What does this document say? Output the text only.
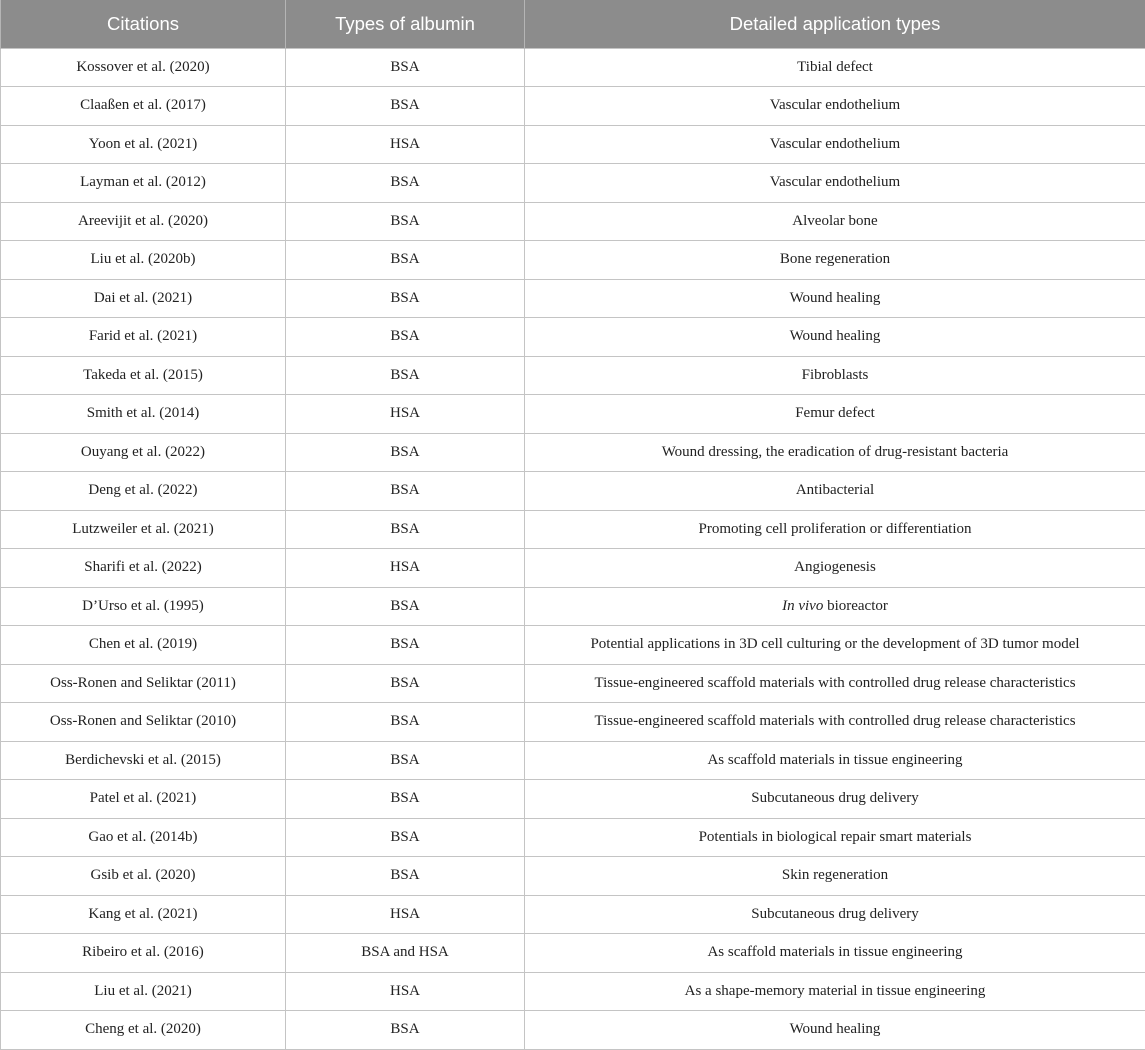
Citations	Types of albumin	Detailed application types
Kossover et al. (2020)	BSA	Tibial defect
Claaßen et al. (2017)	BSA	Vascular endothelium
Yoon et al. (2021)	HSA	Vascular endothelium
Layman et al. (2012)	BSA	Vascular endothelium
Areevijit et al. (2020)	BSA	Alveolar bone
Liu et al. (2020b)	BSA	Bone regeneration
Dai et al. (2021)	BSA	Wound healing
Farid et al. (2021)	BSA	Wound healing
Takeda et al. (2015)	BSA	Fibroblasts
Smith et al. (2014)	HSA	Femur defect
Ouyang et al. (2022)	BSA	Wound dressing, the eradication of drug-resistant bacteria
Deng et al. (2022)	BSA	Antibacterial
Lutzweiler et al. (2021)	BSA	Promoting cell proliferation or differentiation
Sharifi et al. (2022)	HSA	Angiogenesis
D’Urso et al. (1995)	BSA	In vivo bioreactor
Chen et al. (2019)	BSA	Potential applications in 3D cell culturing or the development of 3D tumor model
Oss-Ronen and Seliktar (2011)	BSA	Tissue-engineered scaffold materials with controlled drug release characteristics
Oss-Ronen and Seliktar (2010)	BSA	Tissue-engineered scaffold materials with controlled drug release characteristics
Berdichevski et al. (2015)	BSA	As scaffold materials in tissue engineering
Patel et al. (2021)	BSA	Subcutaneous drug delivery
Gao et al. (2014b)	BSA	Potentials in biological repair smart materials
Gsib et al. (2020)	BSA	Skin regeneration
Kang et al. (2021)	HSA	Subcutaneous drug delivery
Ribeiro et al. (2016)	BSA and HSA	As scaffold materials in tissue engineering
Liu et al. (2021)	HSA	As a shape-memory material in tissue engineering
Cheng et al. (2020)	BSA	Wound healing
